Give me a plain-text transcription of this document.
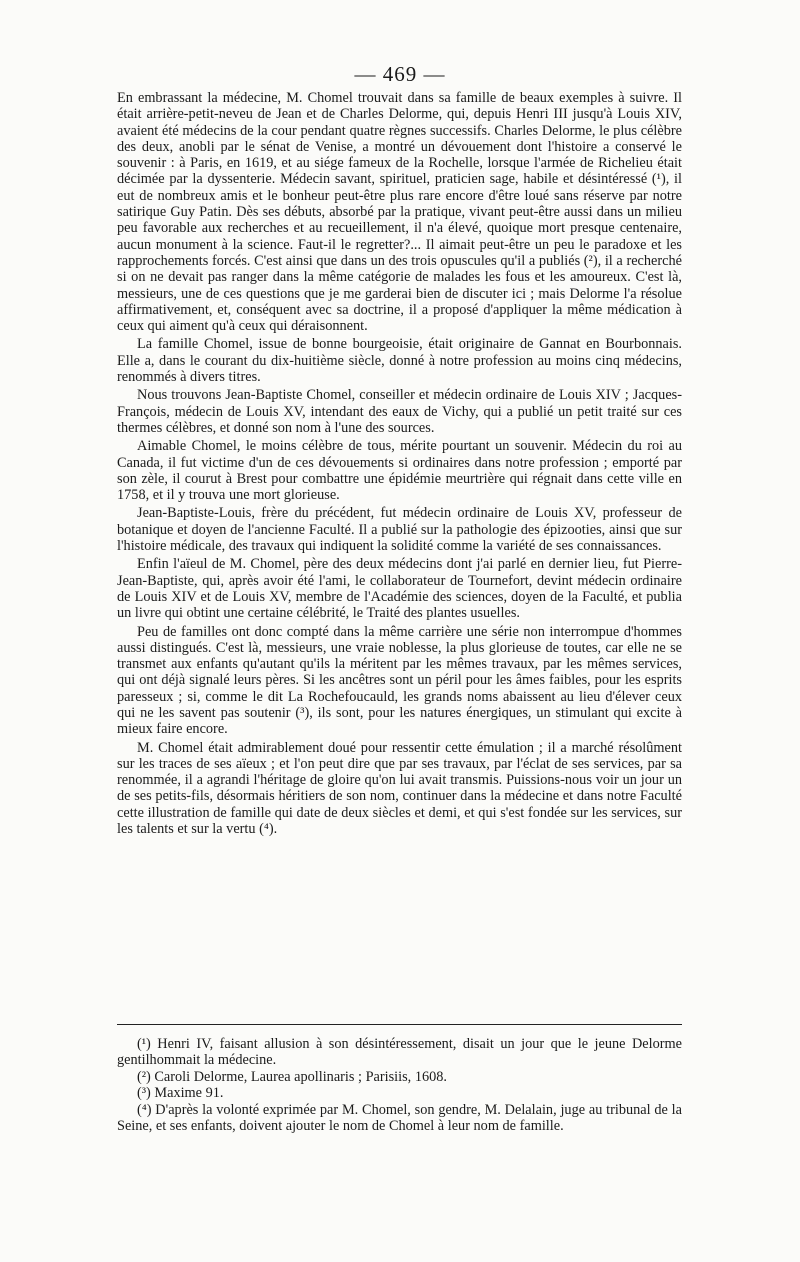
— 469 —

En embrassant la médecine, M. Chomel trouvait dans sa famille de beaux exemples à suivre. Il était arrière-petit-neveu de Jean et de Charles Delorme, qui, depuis Henri III jusqu'à Louis XIV, avaient été médecins de la cour pendant quatre règnes successifs. Charles Delorme, le plus célèbre des deux, anobli par le sénat de Venise, a montré un dévouement dont l'histoire a conservé le souvenir : à Paris, en 1619, et au siége fameux de la Rochelle, lorsque l'armée de Richelieu était décimée par la dyssenterie. Médecin savant, spirituel, praticien sage, habile et désintéressé (¹), il eut de nombreux amis et le bonheur peut-être plus rare encore d'être loué sans réserve par notre satirique Guy Patin. Dès ses débuts, absorbé par la pratique, vivant peut-être aussi dans un milieu peu favorable aux recherches et au recueillement, il n'a élevé, quoique mort presque centenaire, aucun monument à la science. Faut-il le regretter?... Il aimait peut-être un peu le paradoxe et les rapprochements forcés. C'est ainsi que dans un des trois opuscules qu'il a publiés (²), il a recherché si on ne devait pas ranger dans la même catégorie de malades les fous et les amoureux. C'est là, messieurs, une de ces questions que je me garderai bien de discuter ici ; mais Delorme l'a résolue affirmativement, et, conséquent avec sa doctrine, il a proposé d'appliquer la même médication à ceux qui aiment qu'à ceux qui déraisonnent.

La famille Chomel, issue de bonne bourgeoisie, était originaire de Gannat en Bourbonnais. Elle a, dans le courant du dix-huitième siècle, donné à notre profession au moins cinq médecins, renommés à divers titres.

Nous trouvons Jean-Baptiste Chomel, conseiller et médecin ordinaire de Louis XIV ; Jacques-François, médecin de Louis XV, intendant des eaux de Vichy, qui a publié un petit traité sur ces thermes célèbres, et donné son nom à l'une des sources.

Aimable Chomel, le moins célèbre de tous, mérite pourtant un souvenir. Médecin du roi au Canada, il fut victime d'un de ces dévouements si ordinaires dans notre profession ; emporté par son zèle, il courut à Brest pour combattre une épidémie meurtrière qui régnait dans cette ville en 1758, et il y trouva une mort glorieuse.

Jean-Baptiste-Louis, frère du précédent, fut médecin ordinaire de Louis XV, professeur de botanique et doyen de l'ancienne Faculté. Il a publié sur la pathologie des épizooties, ainsi que sur l'histoire médicale, des travaux qui indiquent la solidité comme la variété de ses connaissances.

Enfin l'aïeul de M. Chomel, père des deux médecins dont j'ai parlé en dernier lieu, fut Pierre-Jean-Baptiste, qui, après avoir été l'ami, le collaborateur de Tournefort, devint médecin ordinaire de Louis XIV et de Louis XV, membre de l'Académie des sciences, doyen de la Faculté, et publia un livre qui obtint une certaine célébrité, le Traité des plantes usuelles.

Peu de familles ont donc compté dans la même carrière une série non interrompue d'hommes aussi distingués. C'est là, messieurs, une vraie noblesse, la plus glorieuse de toutes, car elle ne se transmet aux enfants qu'autant qu'ils la méritent par les mêmes travaux, par les mêmes services, qui ont déjà signalé leurs pères. Si les ancêtres sont un péril pour les âmes faibles, pour les esprits paresseux ; si, comme le dit La Rochefoucauld, les grands noms abaissent au lieu d'élever ceux qui ne les savent pas soutenir (³), ils sont, pour les natures énergiques, un stimulant qui excite à mieux faire encore.

M. Chomel était admirablement doué pour ressentir cette émulation ; il a marché résolûment sur les traces de ses aïeux ; et l'on peut dire que par ses travaux, par l'éclat de ses services, par sa renommée, il a agrandi l'héritage de gloire qu'on lui avait transmis. Puissions-nous voir un jour un de ses petits-fils, désormais héritiers de son nom, continuer dans la médecine et dans notre Faculté cette illustration de famille qui date de deux siècles et demi, et qui s'est fondée sur les services, sur les talents et sur la vertu (⁴).

(¹) Henri IV, faisant allusion à son désintéressement, disait un jour que le jeune Delorme gentilhommait la médecine.

(²) Caroli Delorme, Laurea apollinaris ; Parisiis, 1608.

(³) Maxime 91.

(⁴) D'après la volonté exprimée par M. Chomel, son gendre, M. Delalain, juge au tribunal de la Seine, et ses enfants, doivent ajouter le nom de Chomel à leur nom de famille.
